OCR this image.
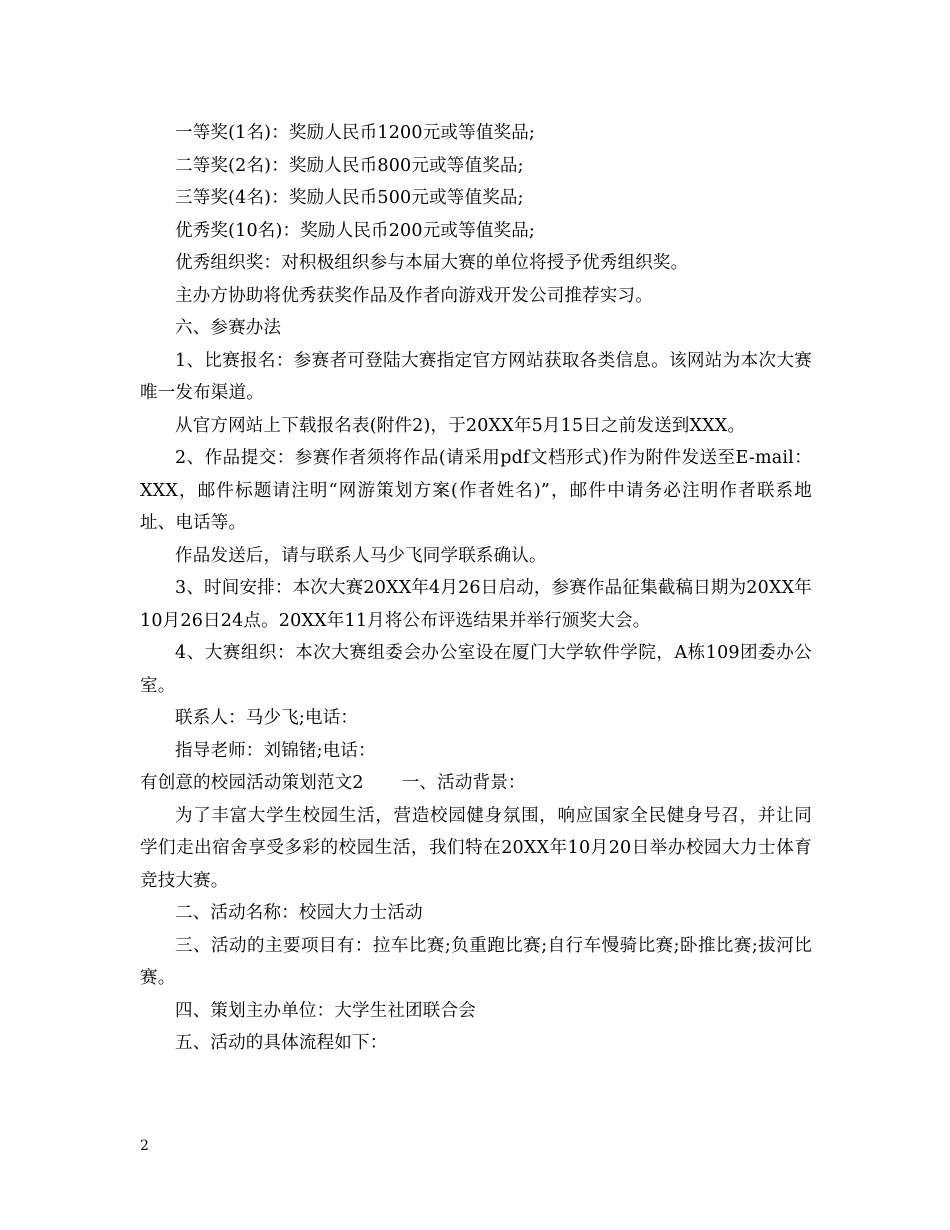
一等奖(1名)：奖励人民币1200元或等值奖品;

二等奖(2名)：奖励人民币800元或等值奖品;

三等奖(4名)：奖励人民币500元或等值奖品;

优秀奖(10名)：奖励人民币200元或等值奖品;

优秀组织奖：对积极组织参与本届大赛的单位将授予优秀组织奖。

主办方协助将优秀获奖作品及作者向游戏开发公司推荐实习。

六、参赛办法

1、比赛报名：参赛者可登陆大赛指定官方网站获取各类信息。该网站为本次大赛唯一发布渠道。

从官方网站上下载报名表(附件2)，于20XX年5月15日之前发送到XXX。

2、作品提交：参赛作者须将作品(请采用pdf文档形式)作为附件发送至E-mail：XXX，邮件标题请注明“网游策划方案(作者姓名)”，邮件中请务必注明作者联系地址、电话等。

作品发送后，请与联系人马少飞同学联系确认。

3、时间安排：本次大赛20XX年4月26日启动，参赛作品征集截稿日期为20XX年10月26日24点。20XX年11月将公布评选结果并举行颁奖大会。

4、大赛组织：本次大赛组委会办公室设在厦门大学软件学院，A栋109团委办公室。

联系人：马少飞;电话：

指导老师：刘锦锗;电话：

有创意的校园活动策划范文2 一、活动背景：

为了丰富大学生校园生活，营造校园健身氛围，响应国家全民健身号召，并让同学们走出宿舍享受多彩的校园生活，我们特在20XX年10月20日举办校园大力士体育竞技大赛。

二、活动名称：校园大力士活动

三、活动的主要项目有：拉车比赛;负重跑比赛;自行车慢骑比赛;卧推比赛;拔河比赛。

四、策划主办单位：大学生社团联合会

五、活动的具体流程如下：

2
